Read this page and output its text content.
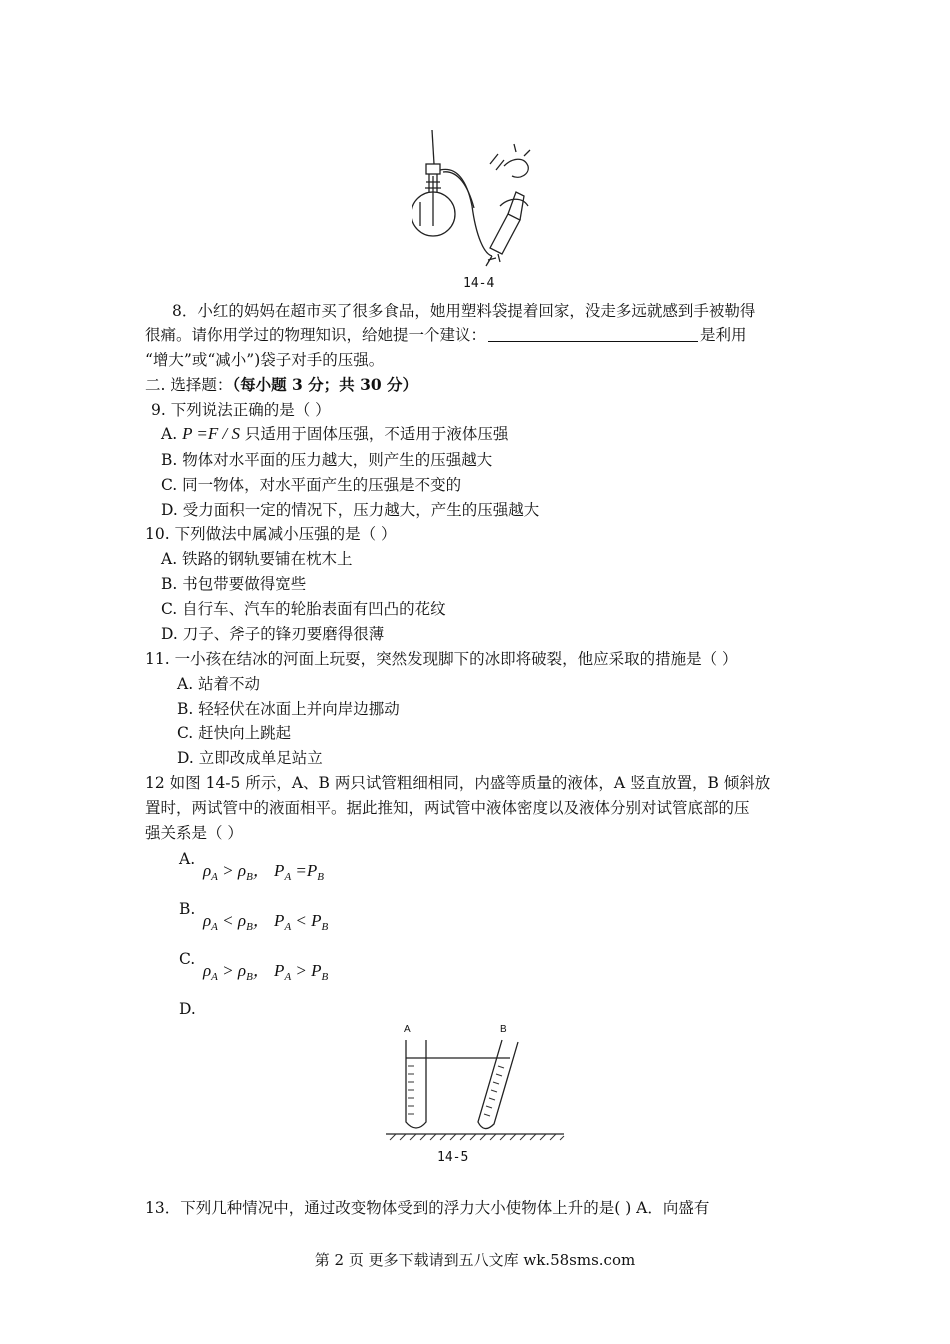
14-4
8．小红的妈妈在超市买了很多食品，她用塑料袋提着回家，没走多远就感到手被勒得
很痛。请你用学过的物理知识，给她提一个建议：	是利用
“增大”或“减小”)袋子对手的压强。
二. 选择题：（每小题 3 分；共 30 分）
9. 下列说法正确的是（ ）
A. P =F / S 只适用于固体压强，不适用于液体压强
B. 物体对水平面的压力越大，则产生的压强越大
C. 同一物体，对水平面产生的压强是不变的
D. 受力面积一定的情况下，压力越大，产生的压强越大
10. 下列做法中属减小压强的是（ ）
A. 铁路的钢轨要铺在枕木上
B. 书包带要做得宽些
C. 自行车、汽车的轮胎表面有凹凸的花纹
D. 刀子、斧子的锋刃要磨得很薄
11. 一小孩在结冰的河面上玩耍，突然发现脚下的冰即将破裂，他应采取的措施是（ ）
A. 站着不动
B. 轻轻伏在冰面上并向岸边挪动
C. 赶快向上跳起
D. 立即改成单足站立
12 如图 14-5 所示，A、B 两只试管粗细相同，内盛等质量的液体，A 竖直放置，B 倾斜放
置时，两试管中的液面相平。据此推知，两试管中液体密度以及液体分别对试管底部的压
强关系是（ ）
A.
$\rho_A > \rho_B$， $P_A =P_B$
B.
$\rho_A < \rho_B$， $P_A < P_B$
C.
$\rho_A > \rho_B$， $P_A > P_B$
D.
A	B
14-5
13．下列几种情况中，通过改变物体受到的浮力大小使物体上升的是( ) A．向盛有
第 2 页 更多下载请到五八文库 wk.58sms.com
